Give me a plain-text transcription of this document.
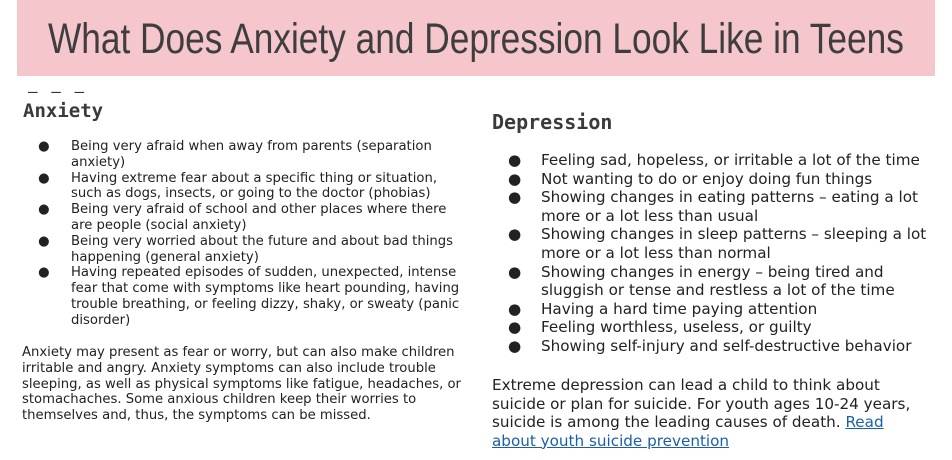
What Does Anxiety and Depression Look Like in Teens
— — —
Anxiety
● Being very afraid when away from parents (separation anxiety)
● Having extreme fear about a specific thing or situation, such as dogs, insects, or going to the doctor (phobias)
● Being very afraid of school and other places where there are people (social anxiety)
● Being very worried about the future and about bad things happening (general anxiety)
● Having repeated episodes of sudden, unexpected, intense fear that come with symptoms like heart pounding, having trouble breathing, or feeling dizzy, shaky, or sweaty (panic disorder)

Anxiety may present as fear or worry, but can also make children irritable and angry. Anxiety symptoms can also include trouble sleeping, as well as physical symptoms like fatigue, headaches, or stomachaches. Some anxious children keep their worries to themselves and, thus, the symptoms can be missed.

Depression
● Feeling sad, hopeless, or irritable a lot of the time
● Not wanting to do or enjoy doing fun things
● Showing changes in eating patterns – eating a lot more or a lot less than usual
● Showing changes in sleep patterns – sleeping a lot more or a lot less than normal
● Showing changes in energy – being tired and sluggish or tense and restless a lot of the time
● Having a hard time paying attention
● Feeling worthless, useless, or guilty
● Showing self-injury and self-destructive behavior

Extreme depression can lead a child to think about suicide or plan for suicide. For youth ages 10-24 years, suicide is among the leading causes of death. Read about youth suicide prevention
